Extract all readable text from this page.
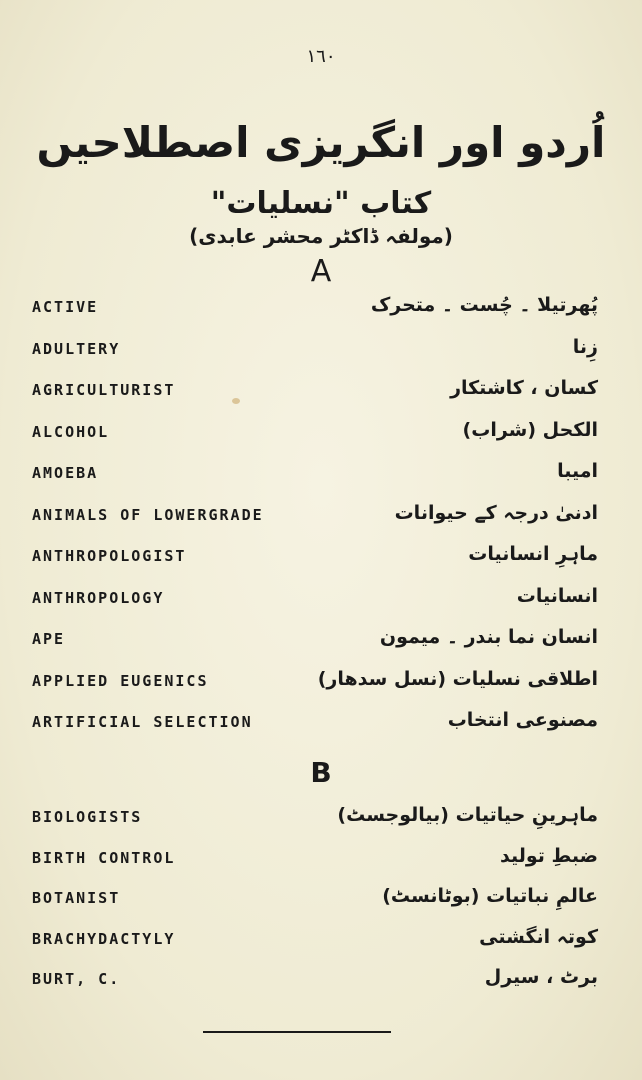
١٦٠
اُردو اور انگریزی اصطلاحیں
کتاب "نسلیات"
(مولفہ ڈاکٹر محشر عابدی)
A
ACTIVE	پُھرتیلا ۔ چُست ۔ متحرک
ADULTERY	زِنا
AGRICULTURIST	کسان ، کاشتکار
ALCOHOL	الکحل (شراب)
AMOEBA	امیبا
ANIMALS OF LOWERGRADE	ادنیٰ درجہ کے حیوانات
ANTHROPOLOGIST	ماہرِ انسانیات
ANTHROPOLOGY	انسانیات
APE	انسان نما بندر ۔ میمون
APPLIED EUGENICS	اطلاقی نسلیات (نسل سدھار)
ARTIFICIAL SELECTION	مصنوعی انتخاب
B
BIOLOGISTS	ماہرینِ حیاتیات (بیالوجسٹ)
BIRTH CONTROL	ضبطِ تولید
BOTANIST	عالمِ نباتیات (بوٹانسٹ)
BRACHYDACTYLY	کوتہ انگشتی
BURT, C.	برٹ ، سیرل
